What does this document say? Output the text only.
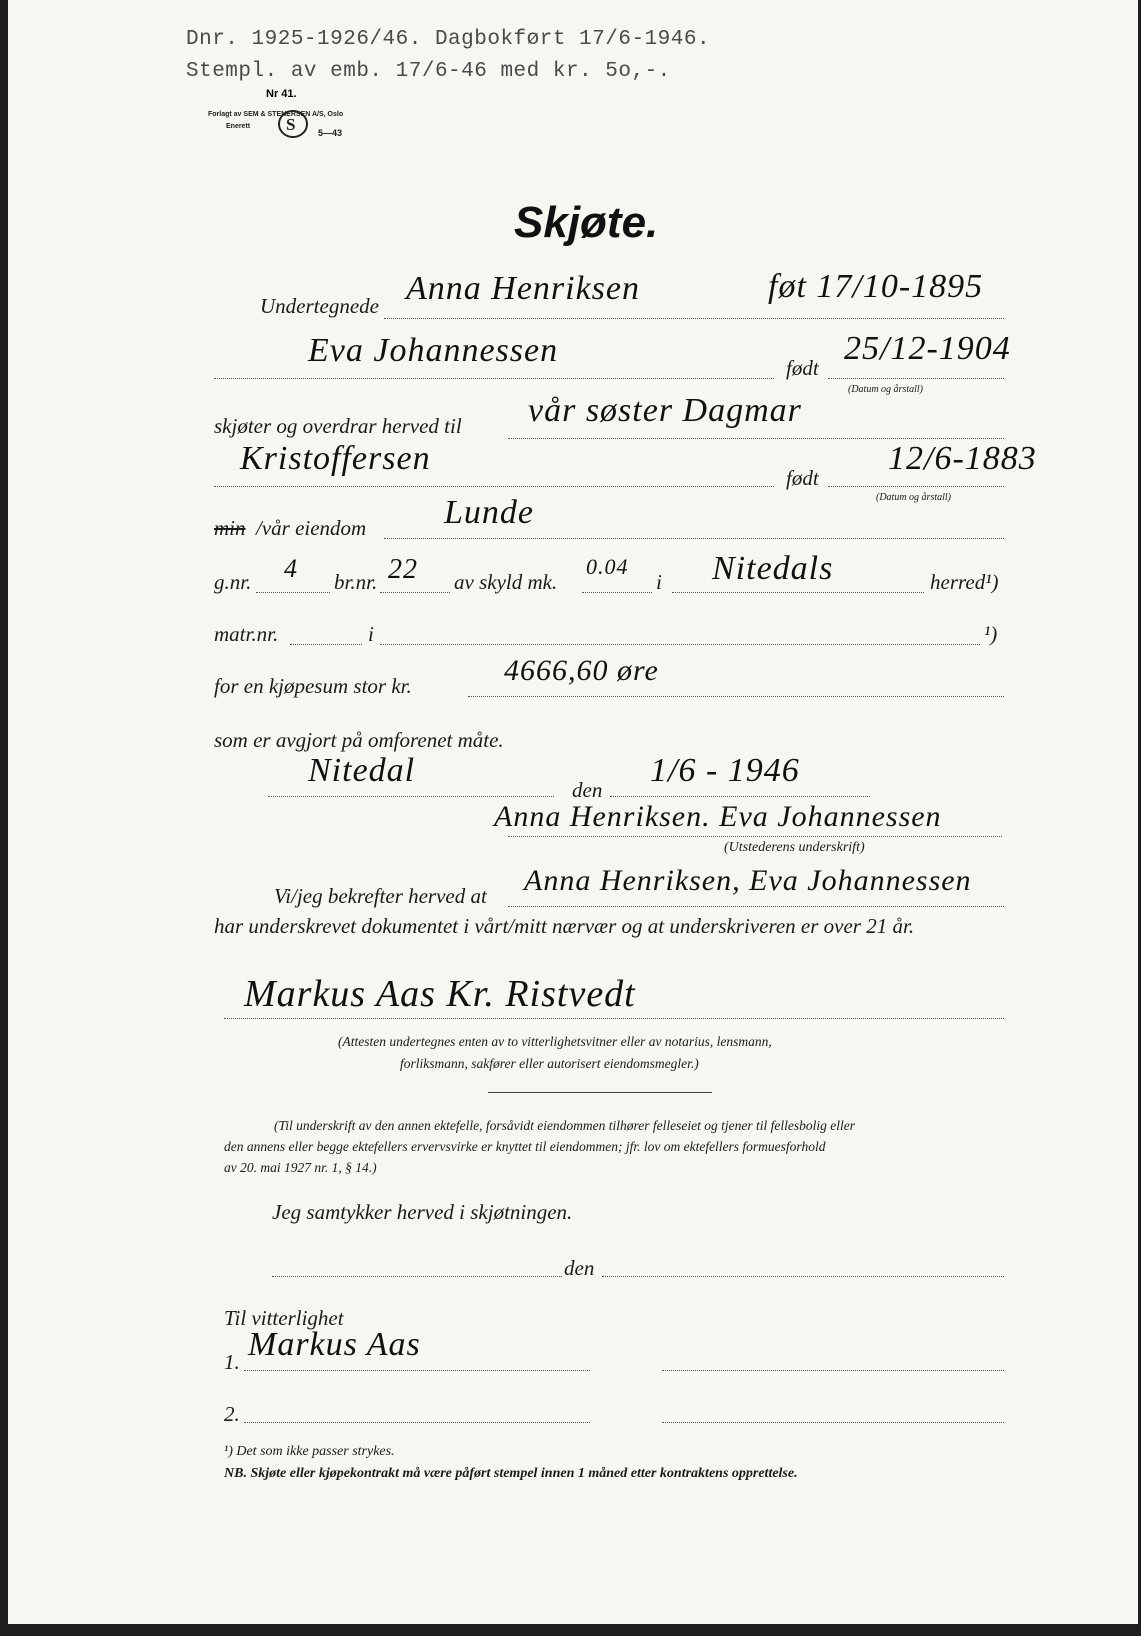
Dnr. 1925-1926/46. Dagbokført 17/6-1946.
Stempl. av emb. 17/6-46 med kr. 5o,-.
Nr 41.
Forlagt av SEM & STENERSEN A/S, Oslo
Enerett S	5—43
Skjøte.
Undertegnede Anna Henriksen	føt 17/10-1895
Eva Johannessen	født
25/12-1904
(Datum og årstall)
skjøter og overdrar herved til vår søster Dagmar
Kristoffersen
født
12/6-1883
(Datum og årstall)
min /vår eiendom Lunde
g.nr. 4 br.nr. 22 av skyld mk.
0.04
i Nitedals	herred¹)
matr.nr.	i	¹)
for en kjøpesum stor kr.	4666,60 øre
som er avgjort på omforenet måte.
Nitedal
den
1/6 - 1946
Anna Henriksen. Eva Johannessen
(Utstederens underskrift)
Vi/jeg bekrefter herved at Anna Henriksen, Eva Johannessen
har underskrevet dokumentet i vårt/mitt nærvær og at underskriveren er over 21 år.
Markus Aas Kr. Ristvedt
(Attesten undertegnes enten av to vitterlighetsvitner eller av notarius, lensmann,
forliksmann, sakfører eller autorisert eiendomsmegler.)
(Til underskrift av den annen ektefelle, forsåvidt eiendommen tilhører felleseiet og tjener til fellesbolig eller
den annens eller begge ektefellers ervervsvirke er knyttet til eiendommen; jfr. lov om ektefellers formuesforhold
av 20. mai 1927 nr. 1, § 14.)
Jeg samtykker herved i skjøtningen.
den
Til vitterlighet
1. Markus Aas
2.
¹) Det som ikke passer strykes.
NB. Skjøte eller kjøpekontrakt må være påført stempel innen 1 måned etter kontraktens opprettelse.
